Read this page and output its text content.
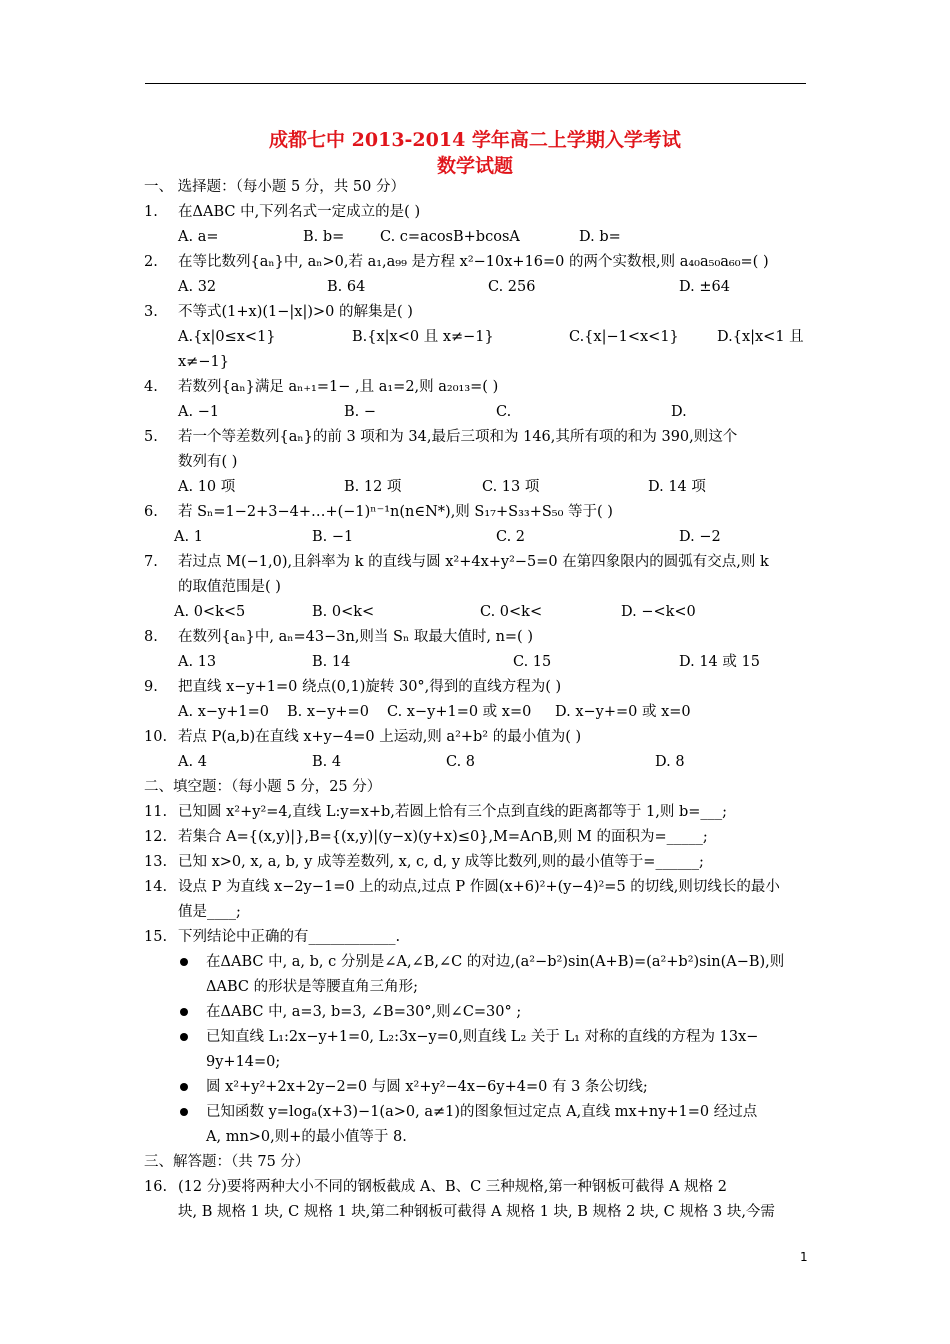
成都七中 2013-2014 学年高二上学期入学考试
数学试题
一、 选择题：（每小题 5 分，共 50 分）
1. 在ΔABC 中,下列名式一定成立的是( )
A. a=	B. b= C. c=acosB+bcosA	D. b=
2. 在等比数列{aₙ}中, aₙ>0,若 a₁,a₉₉ 是方程 x²−10x+16=0 的两个实数根,则 a₄₀a₅₀a₆₀=( )
A. 32	B. 64	C. 256	D. ±64
3. 不等式(1+x)(1−|x|)>0 的解集是( )
A.{x|0≤x<1}	B.{x|x<0 且 x≠−1}	C.{x|−1<x<1}	D.{x|x<1 且
x≠−1}
4. 若数列{aₙ}满足 aₙ₊₁=1− ,且 a₁=2,则 a₂₀₁₃=( )
A. −1	B. −	C.	D.
5. 若一个等差数列{aₙ}的前 3 项和为 34,最后三项和为 146,其所有项的和为 390,则这个
数列有( )
A. 10 项	B. 12 项	C. 13 项	D. 14 项
6. 若 Sₙ=1−2+3−4+…+(−1)ⁿ⁻¹n(n∈N*),则 S₁₇+S₃₃+S₅₀ 等于( )
A. 1	B. −1	C. 2	D. −2
7. 若过点 M(−1,0),且斜率为 k 的直线与圆 x²+4x+y²−5=0 在第四象限内的圆弧有交点,则 k
的取值范围是( )
A. 0<k<5	B. 0<k<	C. 0<k<	D. −<k<0
8. 在数列{aₙ}中, aₙ=43−3n,则当 Sₙ 取最大值时, n=( )
A. 13	B. 14	C. 15	D. 14 或 15
9. 把直线 x−y+1=0 绕点(0,1)旋转 30°,得到的直线方程为( )
A. x−y+1=0 B. x−y+=0 C. x−y+1=0 或 x=0 D. x−y+=0 或 x=0
10. 若点 P(a,b)在直线 x+y−4=0 上运动,则 a²+b² 的最小值为( )
A. 4	B. 4	C. 8	D. 8
二、填空题：（每小题 5 分，25 分）
11. 已知圆 x²+y²=4,直线 L:y=x+b,若圆上恰有三个点到直线的距离都等于 1,则 b=___;
12. 若集合 A={(x,y)|},B={(x,y)|(y−x)(y+x)≤0},M=A∩B,则 M 的面积为=_____;
13. 已知 x>0, x, a, b, y 成等差数列, x, c, d, y 成等比数列,则的最小值等于=______;
14. 设点 P 为直线 x−2y−1=0 上的动点,过点 P 作圆(x+6)²+(y−4)²=5 的切线,则切线长的最小
值是____;
15. 下列结论中正确的有____________.
在ΔABC 中, a, b, c 分别是∠A,∠B,∠C 的对边,(a²−b²)sin(A+B)=(a²+b²)sin(A−B),则
ΔABC 的形状是等腰直角三角形;
在ΔABC 中, a=3, b=3, ∠B=30°,则∠C=30° ;
已知直线 L₁:2x−y+1=0, L₂:3x−y=0,则直线 L₂ 关于 L₁ 对称的直线的方程为 13x−
9y+14=0;
圆 x²+y²+2x+2y−2=0 与圆 x²+y²−4x−6y+4=0 有 3 条公切线;
已知函数 y=logₐ(x+3)−1(a>0, a≠1)的图象恒过定点 A,直线 mx+ny+1=0 经过点
A, mn>0,则+的最小值等于 8.
三、解答题：（共 75 分）
16. (12 分)要将两种大小不同的钢板截成 A、B、C 三种规格,第一种钢板可截得 A 规格 2
块, B 规格 1 块, C 规格 1 块,第二种钢板可截得 A 规格 1 块, B 规格 2 块, C 规格 3 块,今需
1
